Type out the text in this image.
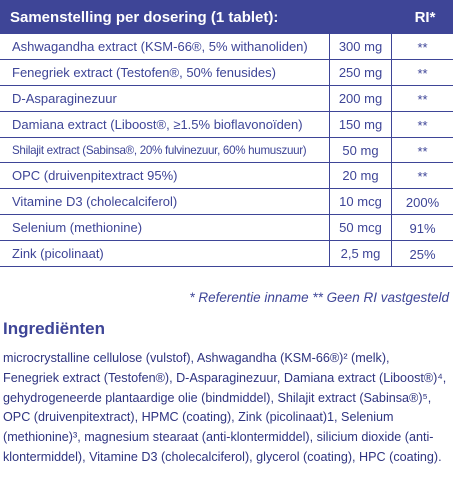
Samenstelling per dosering (1 tablet):	RI*
Ashwagandha extract (KSM-66®, 5% withanoliden)	300 mg	**
Fenegriek extract (Testofen®, 50% fenusides)	250 mg	**
D-Asparaginezuur	200 mg	**
Damiana extract (Liboost®, ≥1.5% bioflavonoïden)	150 mg	**
Shilajit extract (Sabinsa®, 20% fulvinezuur, 60% humuszuur)	50 mg	**
OPC (druivenpitextract 95%)	20 mg	**
Vitamine D3 (cholecalciferol)	10 mcg	200%
Selenium (methionine)	50 mcg	91%
Zink (picolinaat)	2,5 mg	25%
* Referentie inname ** Geen RI vastgesteld
Ingrediënten
microcrystalline cellulose (vulstof), Ashwagandha (KSM-66®)² (melk), Fenegriek extract (Testofen®), D-Asparaginezuur, Damiana extract (Liboost®)⁴, gehydrogeneerde plantaardige olie (bindmiddel), Shilajit extract (Sabinsa®)⁵, OPC (druivenpitextract), HPMC (coating), Zink (picolinaat)1, Selenium (methionine)³, magnesium stearaat (anti-klontermiddel), silicium dioxide (anti-klontermiddel), Vitamine D3 (cholecalciferol), glycerol (coating), HPC (coating).
